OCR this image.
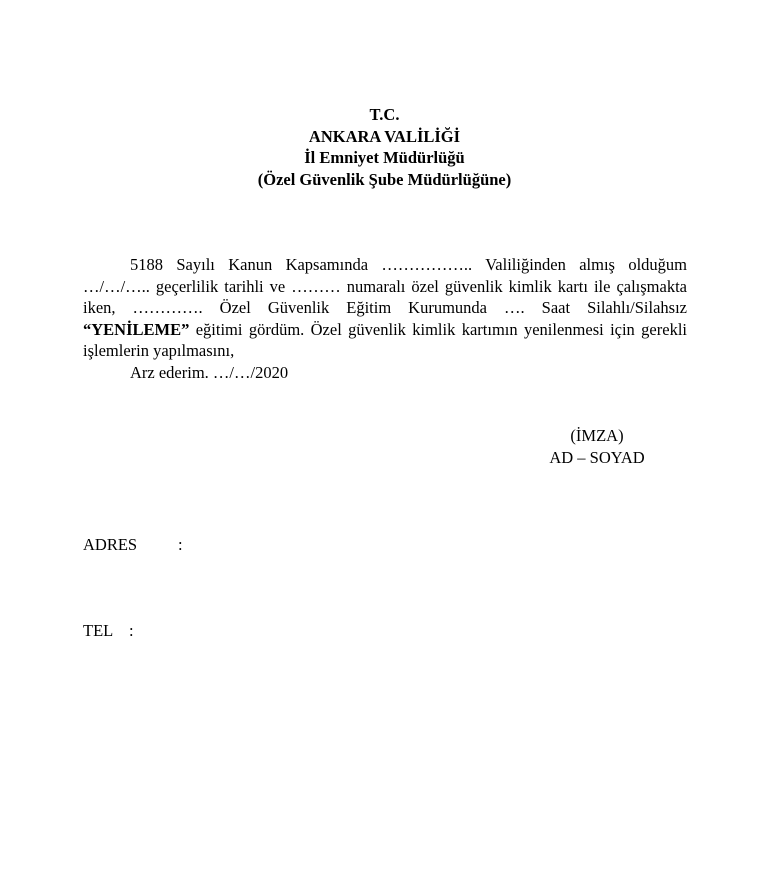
T.C.
ANKARA VALİLİĞİ
İl Emniyet Müdürlüğü
(Özel Güvenlik Şube Müdürlüğüne)

5188 Sayılı Kanun Kapsamında …………….. Valiliğinden almış olduğum …/…/….. geçerlilik tarihli ve ……… numaralı özel güvenlik kimlik kartı ile çalışmakta iken, …………. Özel Güvenlik Eğitim Kurumunda …. Saat Silahlı/Silahsız “YENİLEME” eğitimi gördüm. Özel güvenlik kimlik kartımın yenilenmesi için gerekli işlemlerin yapılmasını,

Arz ederim. …/…/2020

(İMZA)
AD – SOYAD
ADRES :
TEL :
